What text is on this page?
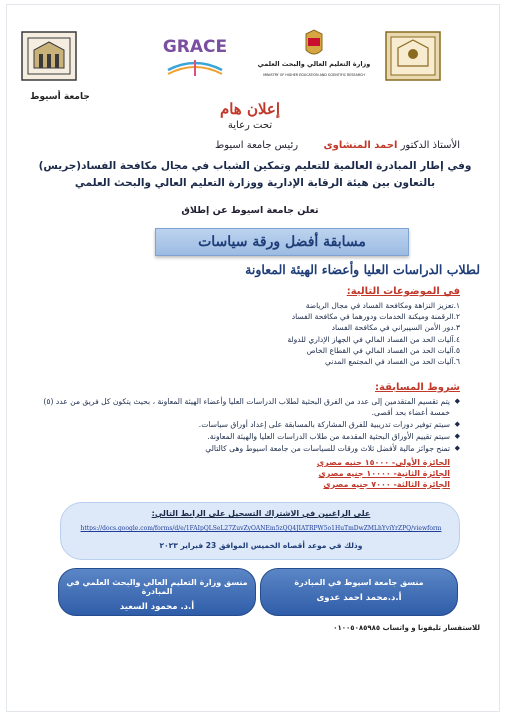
GRACE
وزارة التعليم العالي والبحث العلمي
MINISTRY OF HIGHER EDUCATION AND SCIENTIFIC RESEARCH
جامعة أسيوط
إعلان هام
تحت رعاية
الأستاذ الدكتور احمد المنشاوى        رئيس جامعة اسيوط
وفي إطار المبادرة العالمية للتعليم وتمكين الشباب في مجال مكافحة الفساد(جريس)
بالتعاون بين هيئة الرقابة الإدارية ووزارة التعليم العالي والبحث العلمي
تعلن جامعة اسيوط عن إطلاق
مسابقة أفضل ورقة سياسات
لطلاب الدراسات العليا وأعضاء الهيئة المعاونة
في الموضوعات التالية:
١.تعزيز النزاهة ومكافحة الفساد في مجال الرياضة
٢.الرقمنة وميكنة الخدمات ودورهما في مكافحة الفساد
٣.دور الأمن السيبراني في مكافحة الفساد
٤.آليات الحد من الفساد المالي في الجهاز الإداري للدولة
٥.آليات الحد من الفساد المالي في القطاع الخاص
٦.آليات الحد من الفساد في المجتمع المدني
شروط المسابقة:
◆
يتم تقسيم المتقدمين إلى عدد من الفرق البحثية لطلاب الدراسات العليا وأعضاء الهيئة المعاونة ، بحيث يتكون كل فريق من عدد (٥) خمسة أعضاء بحد أقصى.
◆
سيتم توفير دورات تدريبية للفرق المشاركة بالمسابقة على إعداد أوراق سياسات.
◆
سيتم تقييم الأوراق البحثية المقدمة من طلاب الدراسات العليا والهيئة المعاونة.
◆
تمنح جوائز مالية لأفضل ثلاث ورقات للسياسات من جامعة اسيوط وهى كالتالي
الجائزة الأولى- ١٥٠٠٠ جنيه مصري
الجائزة الثانية- ١٠٠٠٠ جنيه مصري
الجائزة الثالثة- ٧٠٠٠ جنيه مصري
على الراغبين في الاشتراك التسجيل على الرابط التالي:
https://docs.google.com/forms/d/e/1FAIpQLSeL27ZuvZyOANEm5zQQ4JIATRPW5o1HuTmDwZMLhYviYrZPQ/viewform
وذلك في موعد أقصاه الخميس الموافق 23 فبراير ٢٠٢٣
منسق جامعة اسيوط في المبادرة
أ.د.محمد احمد عدوى
منسق وزارة التعليم العالي والبحث العلمي في المبادرة
أ.د. محمود السعيد
للاستفسار تليفونا و واتساب ٠١٠٠٥٠٨٥٩٨٥
